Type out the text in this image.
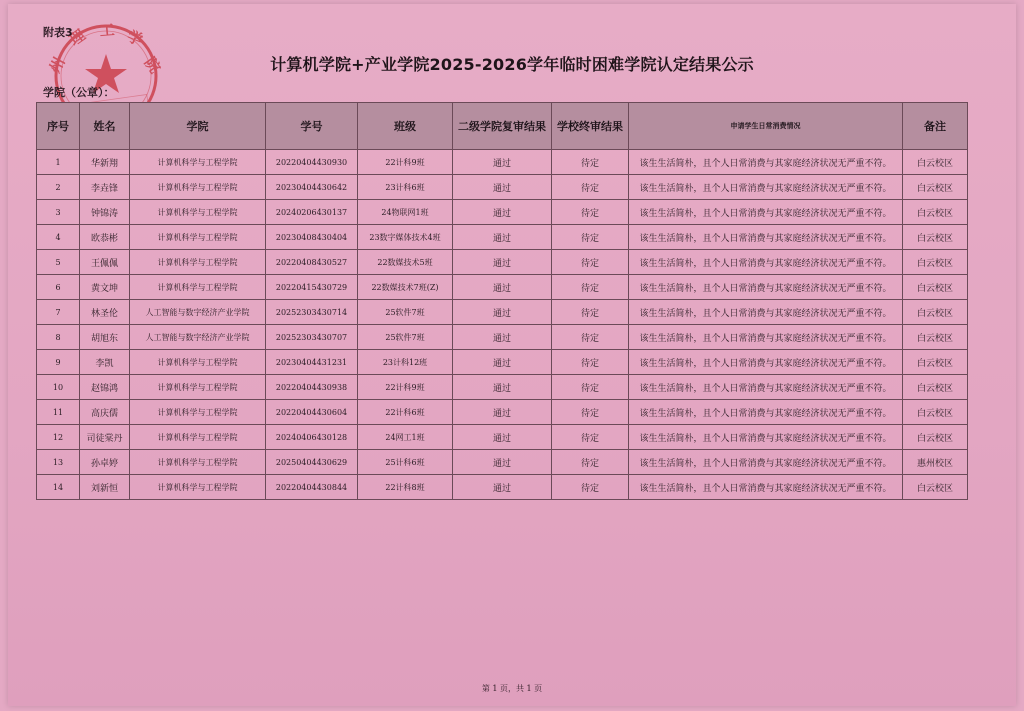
州
理 工 学
院
附表3
计算机学院+产业学院2025-2026学年临时困难学院认定结果公示
学院（公章）：
序号	姓名	学院	学号	班级	二级学院复审结果	学校终审结果	申请学生日常消费情况	备注
1	华新翔	计算机科学与工程学院	20220404430930	22计科9班	通过	待定	该生生活简朴，且个人日常消费与其家庭经济状况无严重不符。	白云校区
2	李垚锋	计算机科学与工程学院	20230404430642	23计科6班	通过	待定	该生生活简朴，且个人日常消费与其家庭经济状况无严重不符。	白云校区
3	钟锦涛	计算机科学与工程学院	20240206430137	24物联网1班	通过	待定	该生生活简朴，且个人日常消费与其家庭经济状况无严重不符。	白云校区
4	欧恭彬	计算机科学与工程学院	20230408430404	23数字媒体技术4班	通过	待定	该生生活简朴，且个人日常消费与其家庭经济状况无严重不符。	白云校区
5	王佩佩	计算机科学与工程学院	20220408430527	22数媒技术5班	通过	待定	该生生活简朴，且个人日常消费与其家庭经济状况无严重不符。	白云校区
6	黄文坤	计算机科学与工程学院	20220415430729	22数媒技术7班(Z)	通过	待定	该生生活简朴，且个人日常消费与其家庭经济状况无严重不符。	白云校区
7	林圣伦	人工智能与数字经济产业学院	20252303430714	25软件7班	通过	待定	该生生活简朴，且个人日常消费与其家庭经济状况无严重不符。	白云校区
8	胡旭东	人工智能与数字经济产业学院	20252303430707	25软件7班	通过	待定	该生生活简朴，且个人日常消费与其家庭经济状况无严重不符。	白云校区
9	李凯	计算机科学与工程学院	20230404431231	23计科12班	通过	待定	该生生活简朴，且个人日常消费与其家庭经济状况无严重不符。	白云校区
10	赵锦鸿	计算机科学与工程学院	20220404430938	22计科9班	通过	待定	该生生活简朴，且个人日常消费与其家庭经济状况无严重不符。	白云校区
11	高庆儒	计算机科学与工程学院	20220404430604	22计科6班	通过	待定	该生生活简朴，且个人日常消费与其家庭经济状况无严重不符。	白云校区
12	司徒棠丹	计算机科学与工程学院	20240406430128	24网工1班	通过	待定	该生生活简朴，且个人日常消费与其家庭经济状况无严重不符。	白云校区
13	孙卓婷	计算机科学与工程学院	20250404430629	25计科6班	通过	待定	该生生活简朴，且个人日常消费与其家庭经济状况无严重不符。	惠州校区
14	刘新恒	计算机科学与工程学院	20220404430844	22计科8班	通过	待定	该生生活简朴，且个人日常消费与其家庭经济状况无严重不符。	白云校区
第 1 页，共 1 页
